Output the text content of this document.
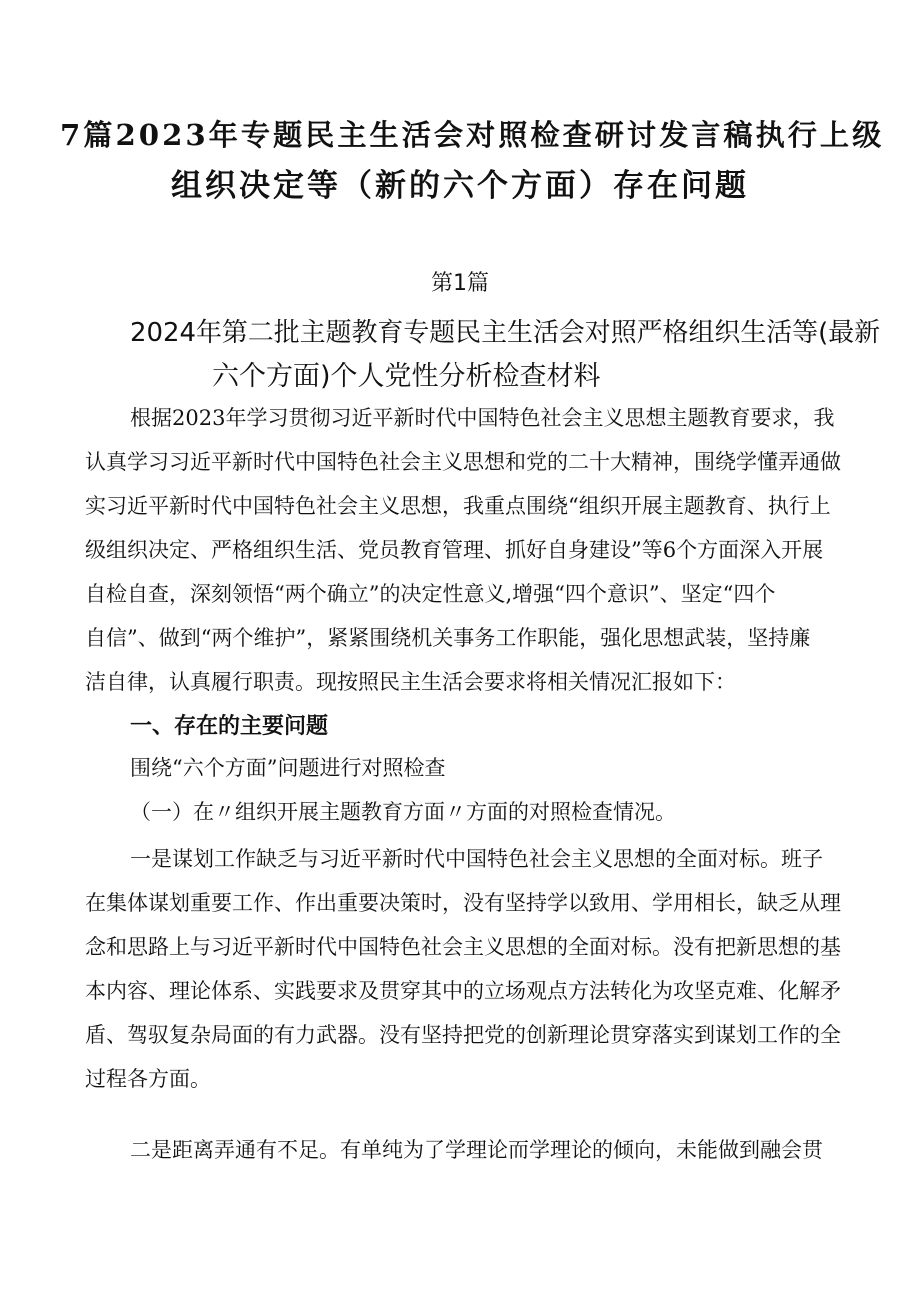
7篇2023年专题民主生活会对照检查研讨发言稿执行上级
组织决定等（新的六个方面）存在问题
第1篇
2024年第二批主题教育专题民主生活会对照严格组织生活等(最新
六个方面)个人党性分析检查材料
根据2023年学习贯彻习近平新时代中国特色社会主义思想主题教育要求，我
认真学习习近平新时代中国特色社会主义思想和党的二十大精神，围绕学懂弄通做
实习近平新时代中国特色社会主义思想，我重点围绕“组织开展主题教育、执行上
级组织决定、严格组织生活、党员教育管理、抓好自身建设”等6个方面深入开展
自检自查，深刻领悟“两个确立”的决定性意义,增强“四个意识”、坚定“四个
自信”、做到“两个维护”，紧紧围绕机关事务工作职能，强化思想武装，坚持廉
洁自律，认真履行职责。现按照民主生活会要求将相关情况汇报如下：
一、存在的主要问题
围绕“六个方面”问题进行对照检查
（一）在〃组织开展主题教育方面〃方面的对照检查情况。
一是谋划工作缺乏与习近平新时代中国特色社会主义思想的全面对标。班子
在集体谋划重要工作、作出重要决策时，没有坚持学以致用、学用相长，缺乏从理
念和思路上与习近平新时代中国特色社会主义思想的全面对标。没有把新思想的基
本内容、理论体系、实践要求及贯穿其中的立场观点方法转化为攻坚克难、化解矛
盾、驾驭复杂局面的有力武器。没有坚持把党的创新理论贯穿落实到谋划工作的全
过程各方面。
二是距离弄通有不足。有单纯为了学理论而学理论的倾向，未能做到融会贯
